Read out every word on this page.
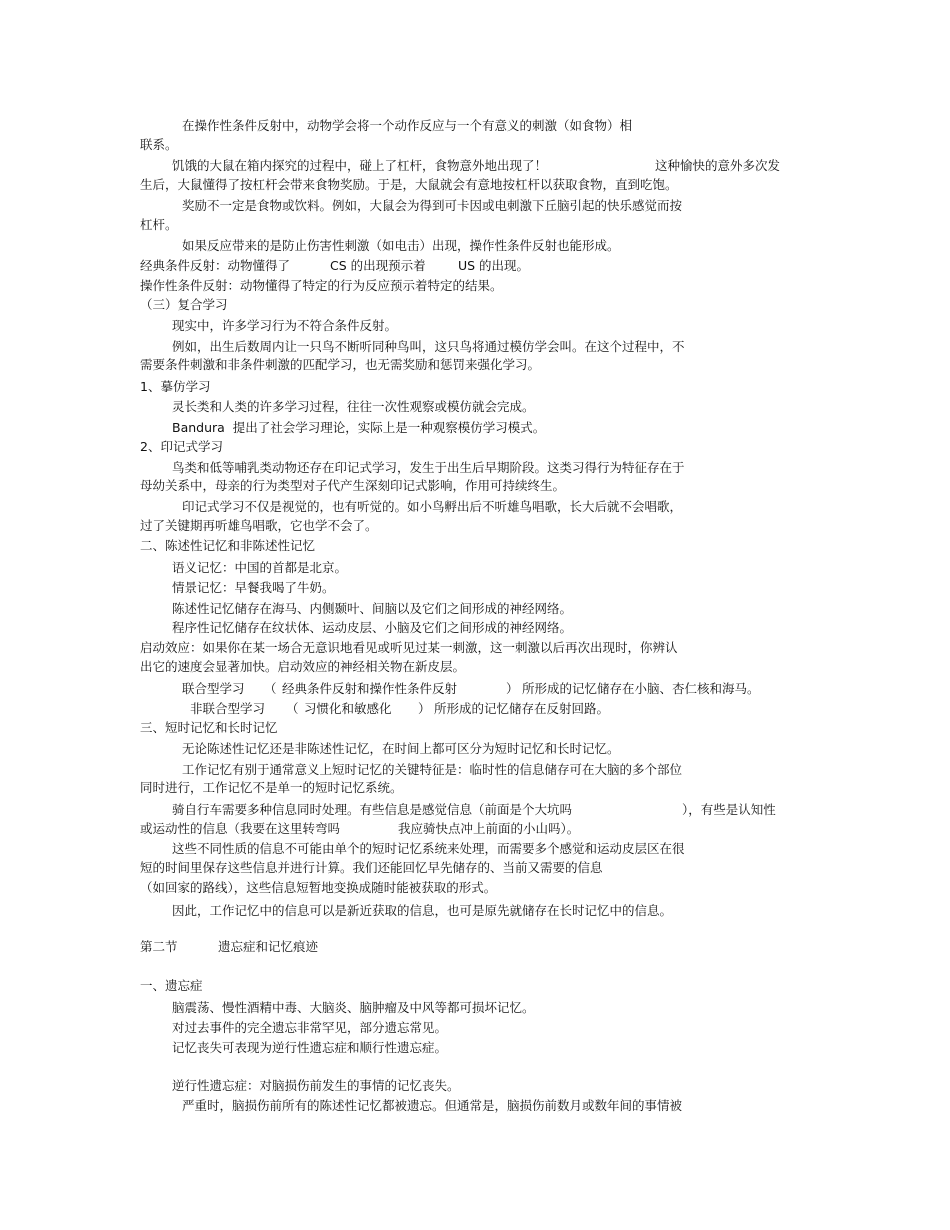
在操作性条件反射中，动物学会将一个动作反应与一个有意义的刺激（如食物）相
联系。
饥饿的大鼠在箱内探究的过程中，碰上了杠杆，食物意外地出现了！	这种愉快的意外多次发
生后，大鼠懂得了按杠杆会带来食物奖励。于是，大鼠就会有意地按杠杆以获取食物，直到吃饱。
奖励不一定是食物或饮料。例如，大鼠会为得到可卡因或电刺激下丘脑引起的快乐感觉而按
杠杆。
如果反应带来的是防止伤害性刺激（如电击）出现，操作性条件反射也能形成。
经典条件反射：动物懂得了	CS 的出现预示着	US 的出现。
操作性条件反射：动物懂得了特定的行为反应预示着特定的结果。
（三）复合学习
现实中，许多学习行为不符合条件反射。
例如，出生后数周内让一只鸟不断听同种鸟叫，这只鸟将通过模仿学会叫。在这个过程中，不
需要条件刺激和非条件刺激的匹配学习，也无需奖励和惩罚来强化学习。
1、摹仿学习
灵长类和人类的许多学习过程，往往一次性观察或模仿就会完成。
Bandura  提出了社会学习理论，实际上是一种观察模仿学习模式。
2、印记式学习
鸟类和低等哺乳类动物还存在印记式学习，发生于出生后早期阶段。这类习得行为特征存在于
母幼关系中，母亲的行为类型对子代产生深刻印记式影响，作用可持续终生。
印记式学习不仅是视觉的，也有听觉的。如小鸟孵出后不听雄鸟唱歌，长大后就不会唱歌，
过了关键期再听雄鸟唱歌，它也学不会了。
二、陈述性记忆和非陈述性记忆
语义记忆：中国的首都是北京。
情景记忆：早餐我喝了牛奶。
陈述性记忆储存在海马、内侧颞叶、间脑以及它们之间形成的神经网络。
程序性记忆储存在纹状体、运动皮层、小脑及它们之间形成的神经网络。
启动效应：如果你在某一场合无意识地看见或听见过某一刺激，这一刺激以后再次出现时，你辨认
出它的速度会显著加快。启动效应的神经相关物在新皮层。
联合型学习 （ 经典条件反射和操作性条件反射	） 所形成的记忆储存在小脑、杏仁核和海马。
非联合型学习 （ 习惯化和敏感化 ） 所形成的记忆储存在反射回路。
三、短时记忆和长时记忆
无论陈述性记忆还是非陈述性记忆，在时间上都可区分为短时记忆和长时记忆。
工作记忆有别于通常意义上短时记忆的关键特征是：临时性的信息储存可在大脑的多个部位
同时进行，工作记忆不是单一的短时记忆系统。
骑自行车需要多种信息同时处理。有些信息是感觉信息（前面是个大坑吗	），有些是认知性
或运动性的信息（我要在这里转弯吗	我应骑快点冲上前面的小山吗）。
这些不同性质的信息不可能由单个的短时记忆系统来处理，而需要多个感觉和运动皮层区在很
短的时间里保存这些信息并进行计算。我们还能回忆早先储存的、当前又需要的信息
（如回家的路线），这些信息短暂地变换成随时能被获取的形式。
因此，工作记忆中的信息可以是新近获取的信息，也可是原先就储存在长时记忆中的信息。
第二节	遗忘症和记忆痕迹
一、遗忘症
脑震荡、慢性酒精中毒、大脑炎、脑肿瘤及中风等都可损坏记忆。
对过去事件的完全遗忘非常罕见，部分遗忘常见。
记忆丧失可表现为逆行性遗忘症和顺行性遗忘症。
逆行性遗忘症：对脑损伤前发生的事情的记忆丧失。
严重时，脑损伤前所有的陈述性记忆都被遗忘。但通常是，脑损伤前数月或数年间的事情被
